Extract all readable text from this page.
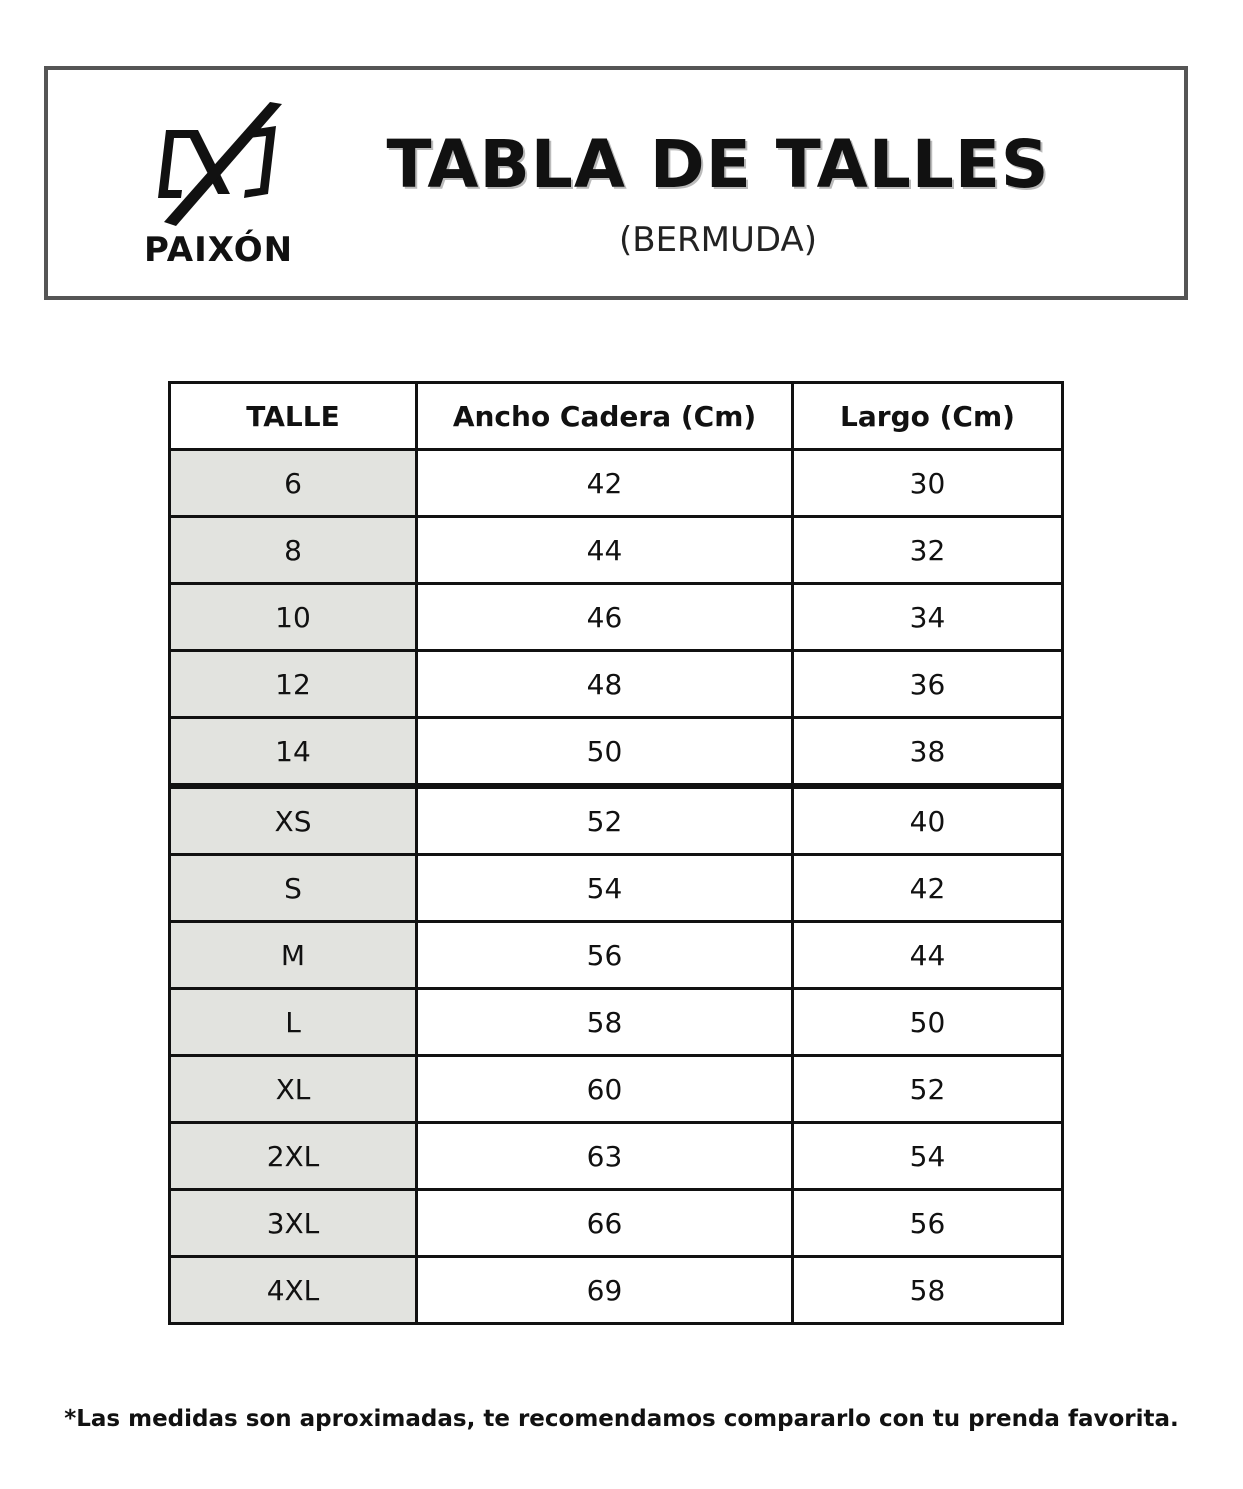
PAIXÓN
TABLA DE TALLES
(BERMUDA)
TALLE	Ancho Cadera (Cm)	Largo (Cm)
6	42	30
8	44	32
10	46	34
12	48	36
14	50	38
XS	52	40
S	54	42
M	56	44
L	58	50
XL	60	52
2XL	63	54
3XL	66	56
4XL	69	58
*Las medidas son aproximadas, te recomendamos compararlo con tu prenda favorita.
